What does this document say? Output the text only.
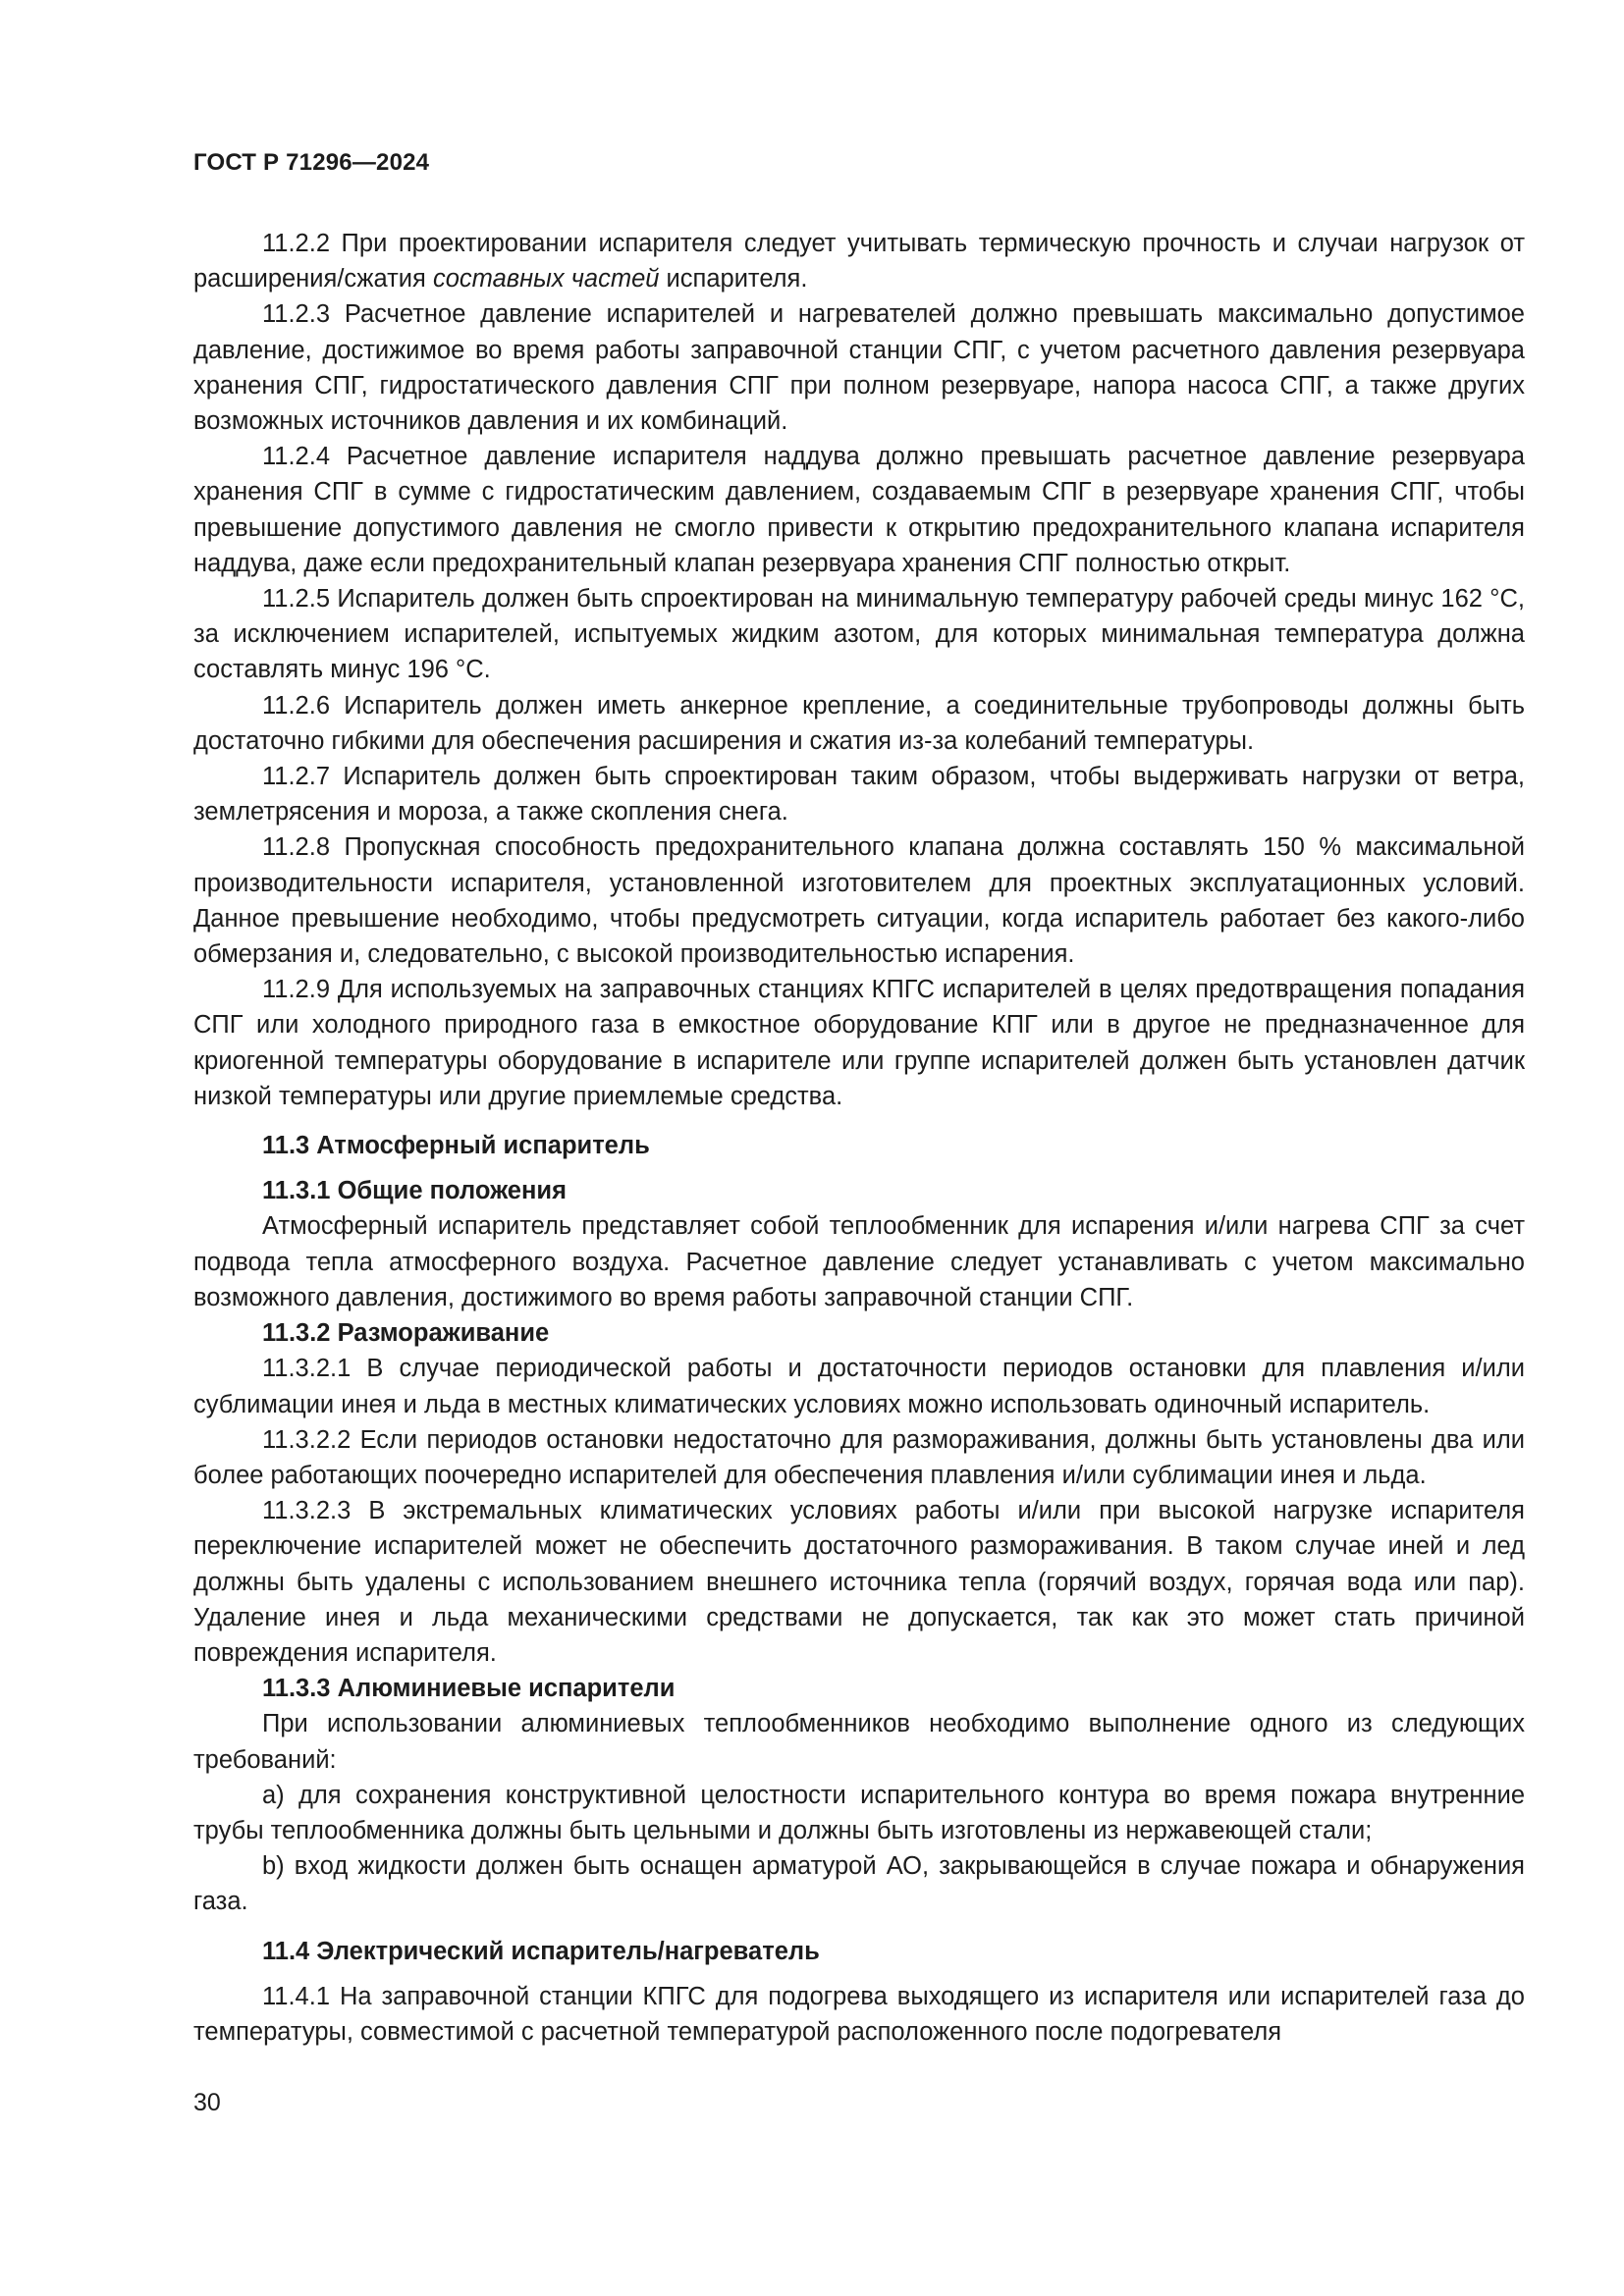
ГОСТ Р 71296—2024

11.2.2 При проектировании испарителя следует учитывать термическую прочность и случаи нагрузок от расширения/сжатия составных частей испарителя.

11.2.3 Расчетное давление испарителей и нагревателей должно превышать максимально допустимое давление, достижимое во время работы заправочной станции СПГ, с учетом расчетного давления резервуара хранения СПГ, гидростатического давления СПГ при полном резервуаре, напора насоса СПГ, а также других возможных источников давления и их комбинаций.

11.2.4 Расчетное давление испарителя наддува должно превышать расчетное давление резервуара хранения СПГ в сумме с гидростатическим давлением, создаваемым СПГ в резервуаре хранения СПГ, чтобы превышение допустимого давления не смогло привести к открытию предохранительного клапана испарителя наддува, даже если предохранительный клапан резервуара хранения СПГ полностью открыт.

11.2.5 Испаритель должен быть спроектирован на минимальную температуру рабочей среды минус 162 °С, за исключением испарителей, испытуемых жидким азотом, для которых минимальная температура должна составлять минус 196 °С.

11.2.6 Испаритель должен иметь анкерное крепление, а соединительные трубопроводы должны быть достаточно гибкими для обеспечения расширения и сжатия из-за колебаний температуры.

11.2.7 Испаритель должен быть спроектирован таким образом, чтобы выдерживать нагрузки от ветра, землетрясения и мороза, а также скопления снега.

11.2.8 Пропускная способность предохранительного клапана должна составлять 150 % максимальной производительности испарителя, установленной изготовителем для проектных эксплуатационных условий. Данное превышение необходимо, чтобы предусмотреть ситуации, когда испаритель работает без какого-либо обмерзания и, следовательно, с высокой производительностью испарения.

11.2.9 Для используемых на заправочных станциях КПГС испарителей в целях предотвращения попадания СПГ или холодного природного газа в емкостное оборудование КПГ или в другое не предназначенное для криогенной температуры оборудование в испарителе или группе испарителей должен быть установлен датчик низкой температуры или другие приемлемые средства.

11.3 Атмосферный испаритель
11.3.1 Общие положения

Атмосферный испаритель представляет собой теплообменник для испарения и/или нагрева СПГ за счет подвода тепла атмосферного воздуха. Расчетное давление следует устанавливать с учетом максимально возможного давления, достижимого во время работы заправочной станции СПГ.

11.3.2 Размораживание

11.3.2.1 В случае периодической работы и достаточности периодов остановки для плавления и/или сублимации инея и льда в местных климатических условиях можно использовать одиночный испаритель.

11.3.2.2 Если периодов остановки недостаточно для размораживания, должны быть установлены два или более работающих поочередно испарителей для обеспечения плавления и/или сублимации инея и льда.

11.3.2.3 В экстремальных климатических условиях работы и/или при высокой нагрузке испарителя переключение испарителей может не обеспечить достаточного размораживания. В таком случае иней и лед должны быть удалены с использованием внешнего источника тепла (горячий воздух, горячая вода или пар). Удаление инея и льда механическими средствами не допускается, так как это может стать причиной повреждения испарителя.

11.3.3 Алюминиевые испарители

При использовании алюминиевых теплообменников необходимо выполнение одного из следующих требований:

a) для сохранения конструктивной целостности испарительного контура во время пожара внутренние трубы теплообменника должны быть цельными и должны быть изготовлены из нержавеющей стали;

b) вход жидкости должен быть оснащен арматурой АО, закрывающейся в случае пожара и обнаружения газа.

11.4 Электрический испаритель/нагреватель

11.4.1 На заправочной станции КПГС для подогрева выходящего из испарителя или испарителей газа до температуры, совместимой с расчетной температурой расположенного после подогревателя

30
